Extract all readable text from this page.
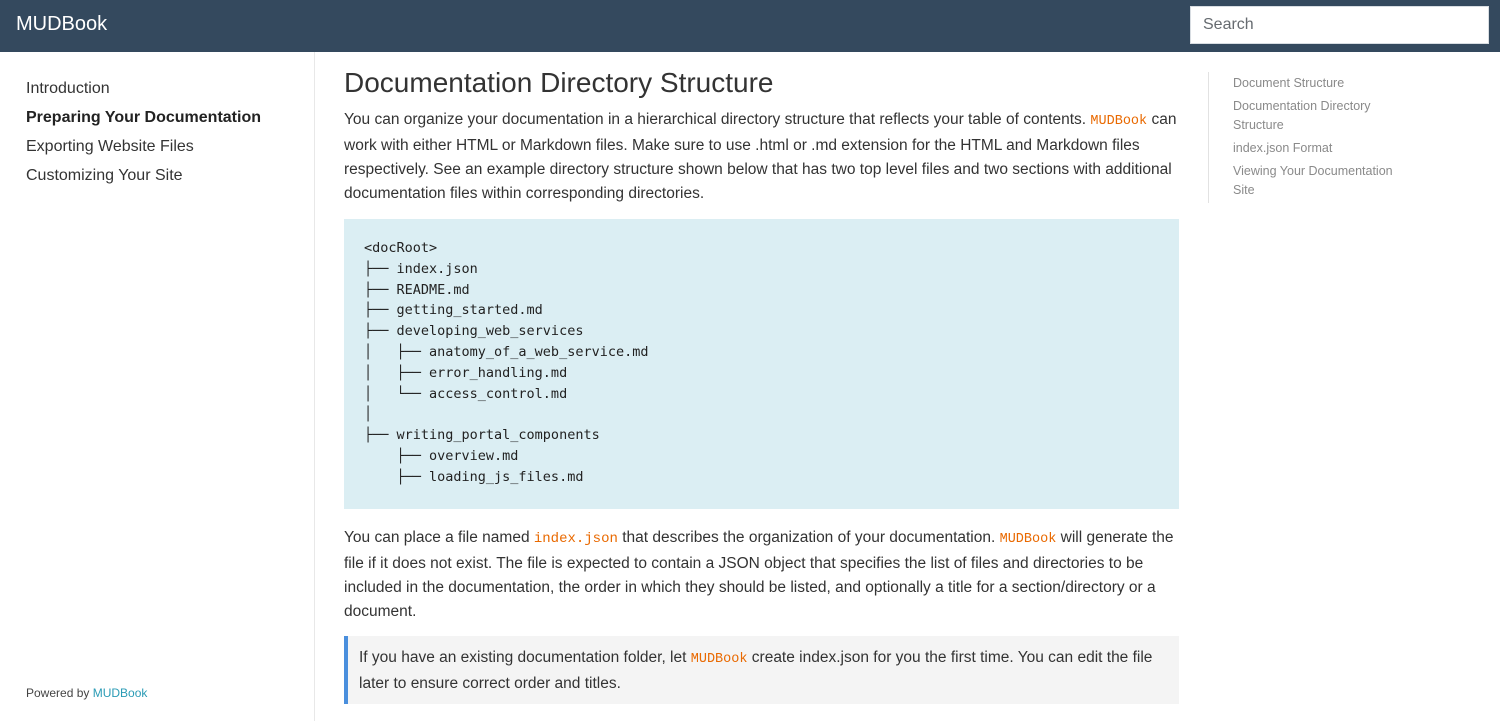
MUDBook
Search
Introduction
Preparing Your Documentation
Exporting Website Files
Customizing Your Site
Powered by MUDBook
Documentation Directory Structure

You can organize your documentation in a hierarchical directory structure that reflects your table of contents. MUDBook can work with either HTML or Markdown files. Make sure to use .html or .md extension for the HTML and Markdown files respectively. See an example directory structure shown below that has two top level files and two sections with additional documentation files within corresponding directories.

<docRoot>
├── index.json
├── README.md
├── getting_started.md
├── developing_web_services
│   ├── anatomy_of_a_web_service.md
│   ├── error_handling.md
│   └── access_control.md
│
├── writing_portal_components
├── overview.md
├── loading_js_files.md

You can place a file named index.json that describes the organization of your documentation. MUDBook will generate the file if it does not exist. The file is expected to contain a JSON object that specifies the list of files and directories to be included in the documentation, the order in which they should be listed, and optionally a title for a section/directory or a document.

If you have an existing documentation folder, let MUDBook create index.json for you the first time. You can edit the file later to ensure correct order and titles.
Document Structure
Documentation Directory Structure
index.json Format
Viewing Your Documentation Site
